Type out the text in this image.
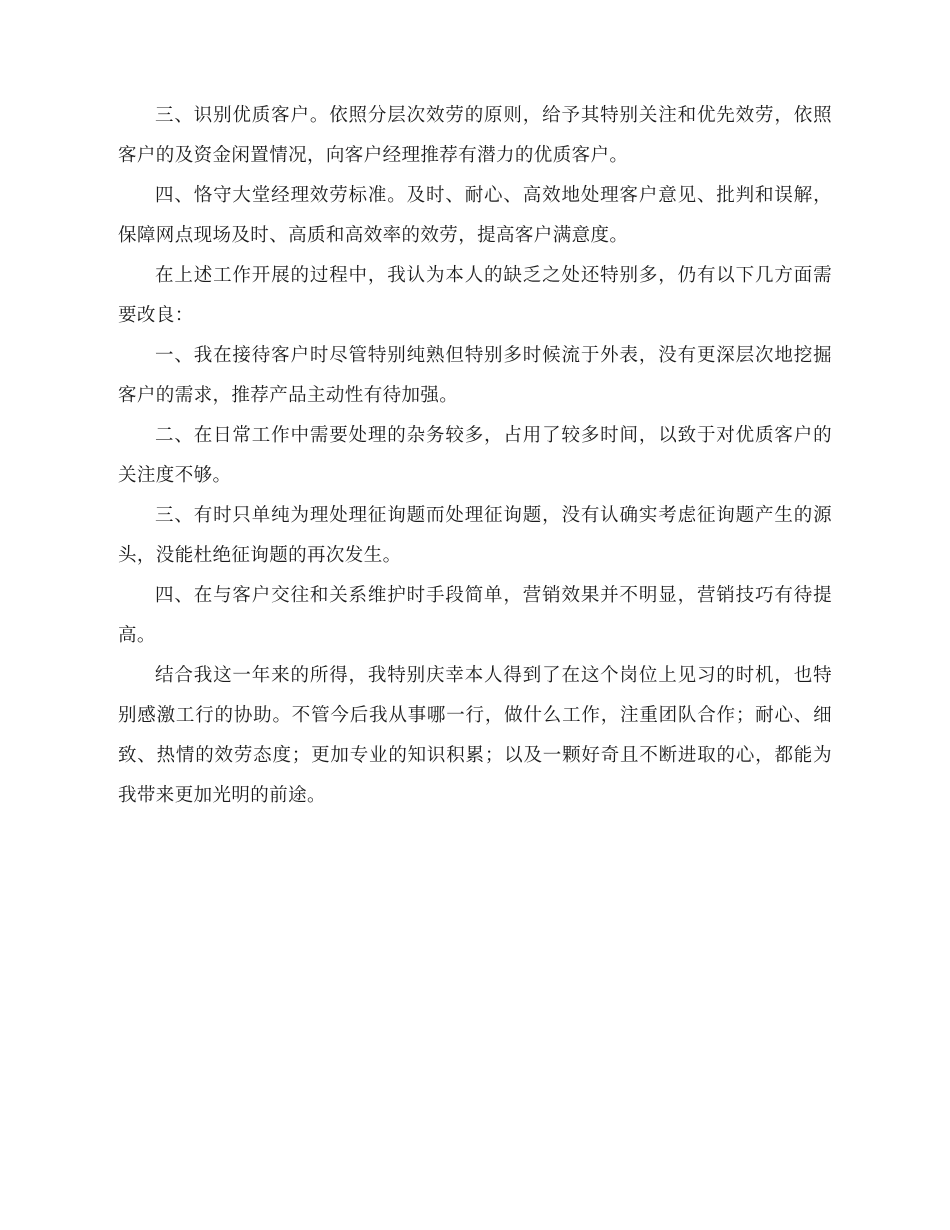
三、识别优质客户。依照分层次效劳的原则，给予其特别关注和优先效劳，依照客户的及资金闲置情况，向客户经理推荐有潜力的优质客户。

四、恪守大堂经理效劳标准。及时、耐心、高效地处理客户意见、批判和误解，保障网点现场及时、高质和高效率的效劳，提高客户满意度。

在上述工作开展的过程中，我认为本人的缺乏之处还特别多，仍有以下几方面需要改良：

一、我在接待客户时尽管特别纯熟但特别多时候流于外表，没有更深层次地挖掘客户的需求，推荐产品主动性有待加强。

二、在日常工作中需要处理的杂务较多，占用了较多时间，以致于对优质客户的关注度不够。

三、有时只单纯为理处理征询题而处理征询题，没有认确实考虑征询题产生的源头，没能杜绝征询题的再次发生。

四、在与客户交往和关系维护时手段简单，营销效果并不明显，营销技巧有待提高。

结合我这一年来的所得，我特别庆幸本人得到了在这个岗位上见习的时机，也特别感激工行的协助。不管今后我从事哪一行，做什么工作，注重团队合作；耐心、细致、热情的效劳态度；更加专业的知识积累；以及一颗好奇且不断进取的心，都能为我带来更加光明的前途。
